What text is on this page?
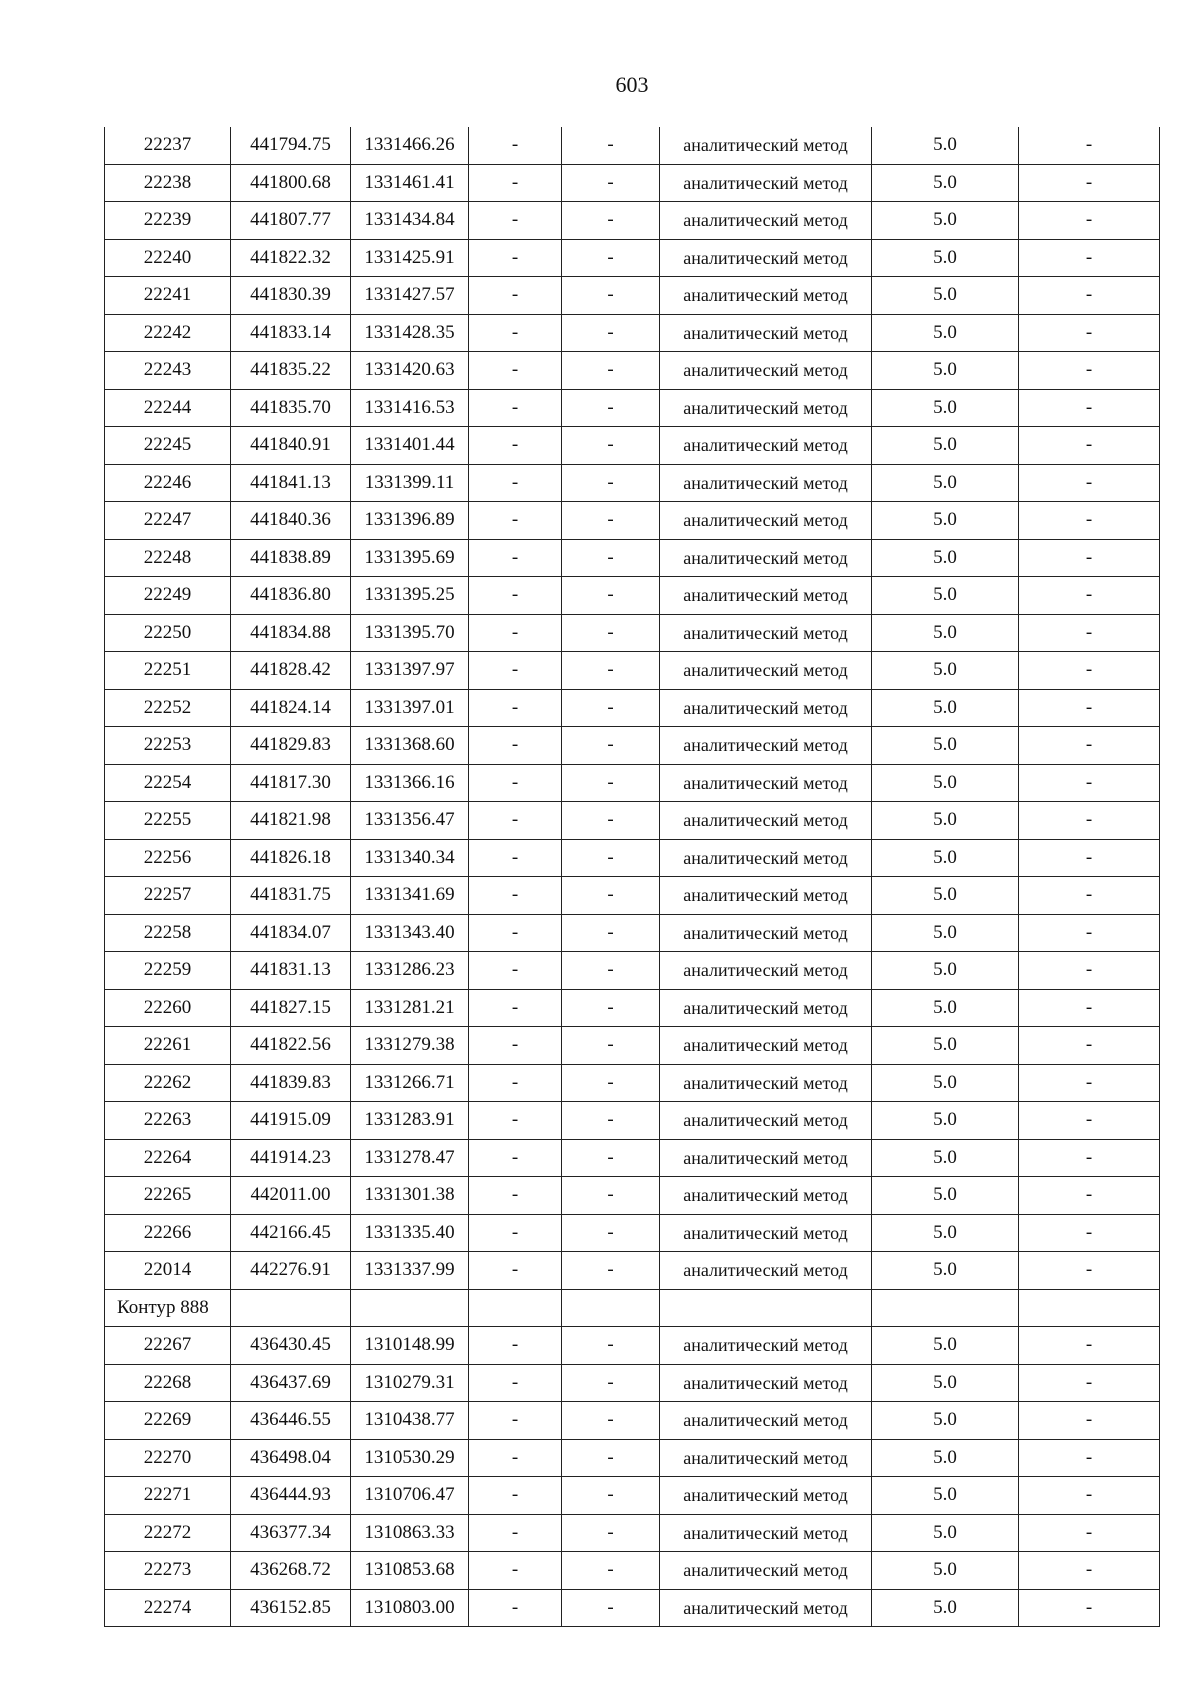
603
22237	441794.75	1331466.26	-	-	аналитический метод	5.0	-
22238	441800.68	1331461.41	-	-	аналитический метод	5.0	-
22239	441807.77	1331434.84	-	-	аналитический метод	5.0	-
22240	441822.32	1331425.91	-	-	аналитический метод	5.0	-
22241	441830.39	1331427.57	-	-	аналитический метод	5.0	-
22242	441833.14	1331428.35	-	-	аналитический метод	5.0	-
22243	441835.22	1331420.63	-	-	аналитический метод	5.0	-
22244	441835.70	1331416.53	-	-	аналитический метод	5.0	-
22245	441840.91	1331401.44	-	-	аналитический метод	5.0	-
22246	441841.13	1331399.11	-	-	аналитический метод	5.0	-
22247	441840.36	1331396.89	-	-	аналитический метод	5.0	-
22248	441838.89	1331395.69	-	-	аналитический метод	5.0	-
22249	441836.80	1331395.25	-	-	аналитический метод	5.0	-
22250	441834.88	1331395.70	-	-	аналитический метод	5.0	-
22251	441828.42	1331397.97	-	-	аналитический метод	5.0	-
22252	441824.14	1331397.01	-	-	аналитический метод	5.0	-
22253	441829.83	1331368.60	-	-	аналитический метод	5.0	-
22254	441817.30	1331366.16	-	-	аналитический метод	5.0	-
22255	441821.98	1331356.47	-	-	аналитический метод	5.0	-
22256	441826.18	1331340.34	-	-	аналитический метод	5.0	-
22257	441831.75	1331341.69	-	-	аналитический метод	5.0	-
22258	441834.07	1331343.40	-	-	аналитический метод	5.0	-
22259	441831.13	1331286.23	-	-	аналитический метод	5.0	-
22260	441827.15	1331281.21	-	-	аналитический метод	5.0	-
22261	441822.56	1331279.38	-	-	аналитический метод	5.0	-
22262	441839.83	1331266.71	-	-	аналитический метод	5.0	-
22263	441915.09	1331283.91	-	-	аналитический метод	5.0	-
22264	441914.23	1331278.47	-	-	аналитический метод	5.0	-
22265	442011.00	1331301.38	-	-	аналитический метод	5.0	-
22266	442166.45	1331335.40	-	-	аналитический метод	5.0	-
22014	442276.91	1331337.99	-	-	аналитический метод	5.0	-
Контур 888							
22267	436430.45	1310148.99	-	-	аналитический метод	5.0	-
22268	436437.69	1310279.31	-	-	аналитический метод	5.0	-
22269	436446.55	1310438.77	-	-	аналитический метод	5.0	-
22270	436498.04	1310530.29	-	-	аналитический метод	5.0	-
22271	436444.93	1310706.47	-	-	аналитический метод	5.0	-
22272	436377.34	1310863.33	-	-	аналитический метод	5.0	-
22273	436268.72	1310853.68	-	-	аналитический метод	5.0	-
22274	436152.85	1310803.00	-	-	аналитический метод	5.0	-
